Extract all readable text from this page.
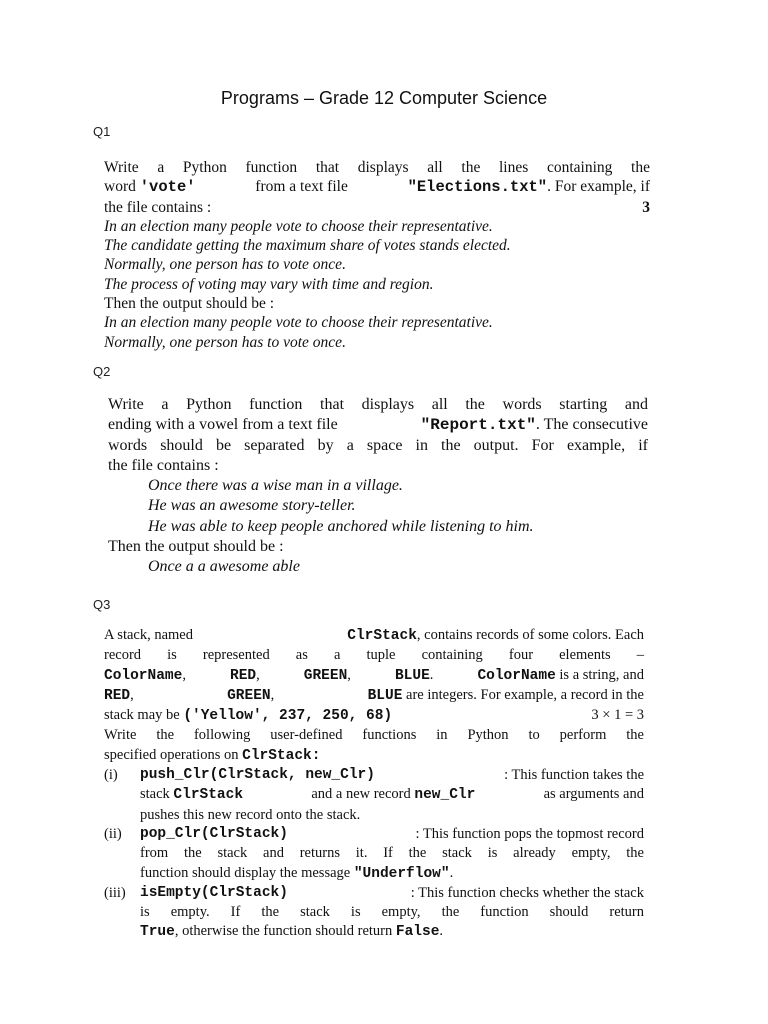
Programs – Grade 12 Computer Science
Q1
Write a Python function that displays all the lines containing the
word 'vote'	from a text file	"Elections.txt". For example, if
the file contains :	3
In an election many people vote to choose their representative.
The candidate getting the maximum share of votes stands elected.
Normally, one person has to vote once.
The process of voting may vary with time and region.
Then the output should be :
In an election many people vote to choose their representative.
Normally, one person has to vote once.
Q2
Write a Python function that displays all the words starting and
ending with a vowel from a text file	"Report.txt". The consecutive
words should be separated by a space in the output. For example, if
the file contains :
Once there was a wise man in a village.
He was an awesome story-teller.
He was able to keep people anchored while listening to him.
Then the output should be :
Once a a awesome able
Q3
A stack, named	ClrStack, contains records of some colors. Each
record is represented as a tuple containing four elements –
ColorName,	RED,	GREEN,	BLUE.	ColorName is a string, and
RED,	GREEN,	BLUE are integers. For example, a record in the
stack may be ('Yellow', 237, 250, 68)	3 × 1 = 3
Write the following user-defined functions in Python to perform the
specified operations on ClrStack:
(i)	push_Clr(ClrStack, new_Clr)	: This function takes the
stack ClrStack	and a new record new_Clr	as arguments and
pushes this new record onto the stack.
(ii)	pop_Clr(ClrStack)	: This function pops the topmost record
from the stack and returns it. If the stack is already empty, the
function should display the message "Underflow".
(iii) isEmpty(ClrStack)	: This function checks whether the stack
is empty. If the stack is empty, the function should return
True, otherwise the function should return False.
